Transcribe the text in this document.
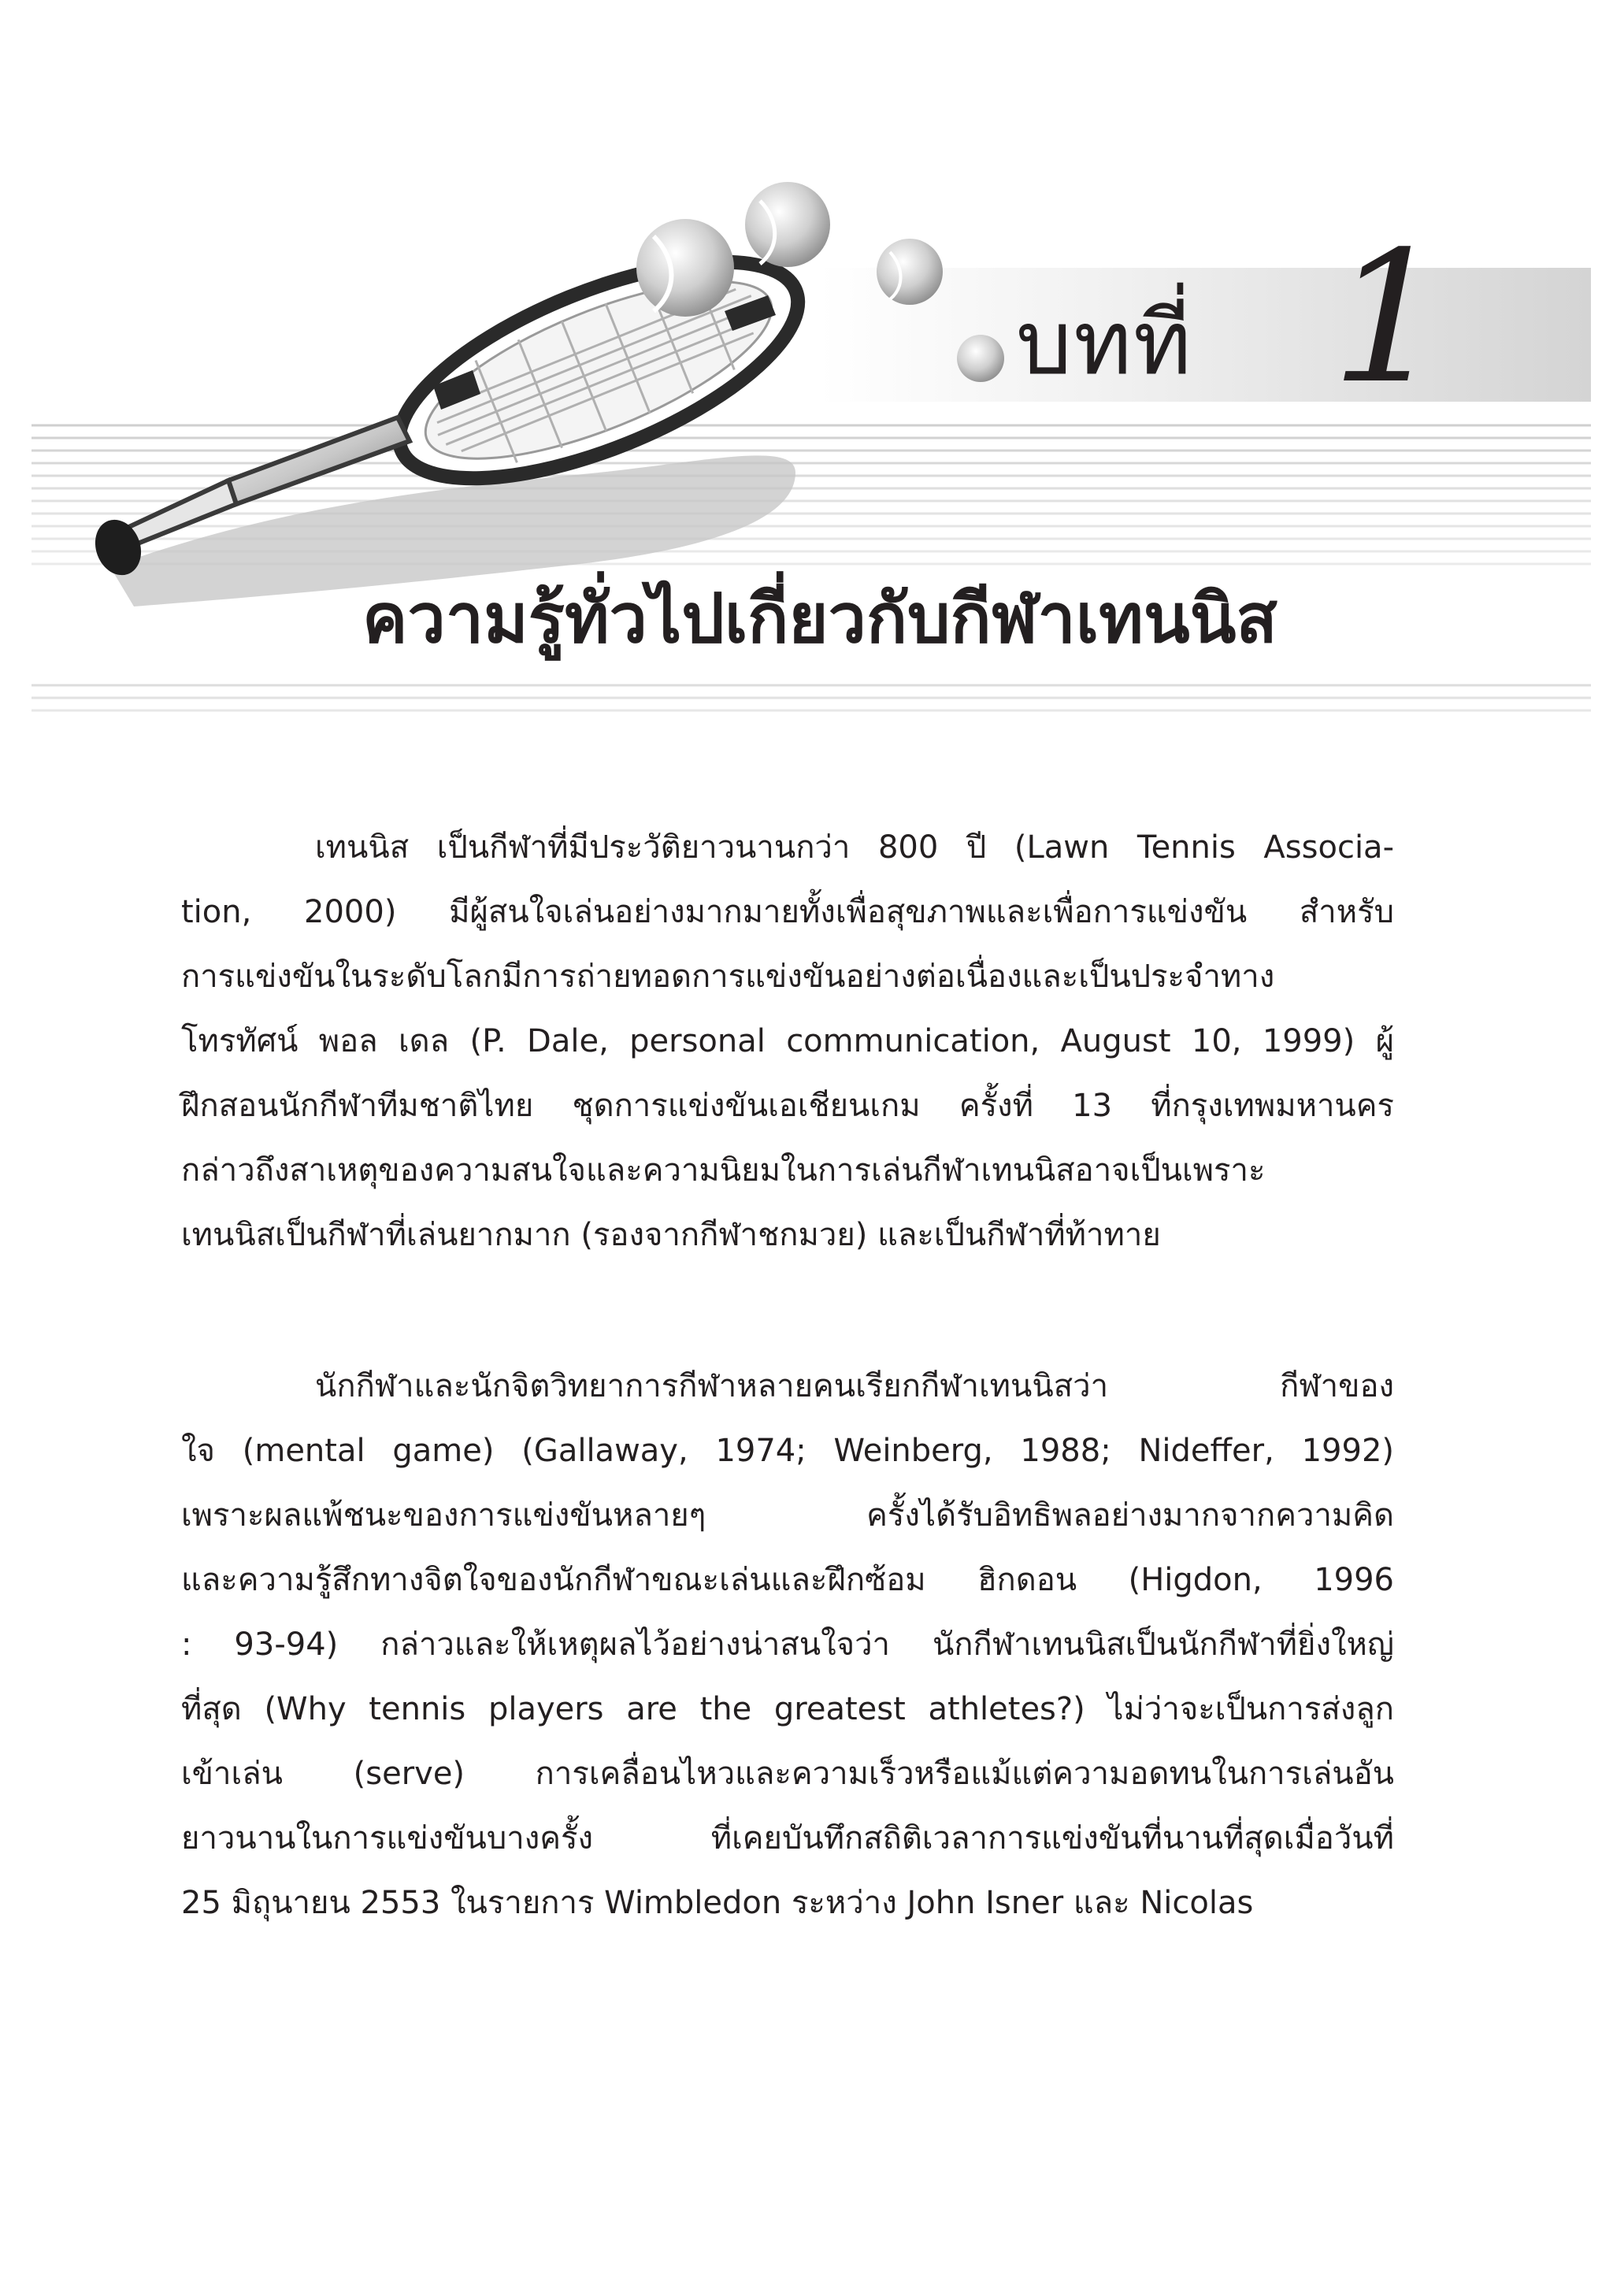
บทที่ 1
ความรู้ทั่วไปเกี่ยวกับกีฬาเทนนิส

เทนนิส เป็นกีฬาที่มีประวัติยาวนานกว่า 800 ปี (Lawn Tennis Associa-
tion, 2000) มีผู้สนใจเล่นอย่างมากมายทั้งเพื่อสุขภาพและเพื่อการแข่งขัน สำหรับ
การแข่งขันในระดับโลกมีการถ่ายทอดการแข่งขันอย่างต่อเนื่องและเป็นประจำทาง
โทรทัศน์ พอล เดล (P. Dale, personal communication, August 10, 1999) ผู้
ฝึกสอนนักกีฬาทีมชาติไทย ชุดการแข่งขันเอเชียนเกม ครั้งที่ 13 ที่กรุงเทพมหานคร
กล่าวถึงสาเหตุของความสนใจและความนิยมในการเล่นกีฬาเทนนิสอาจเป็นเพราะ
เทนนิสเป็นกีฬาที่เล่นยากมาก (รองจากกีฬาชกมวย) และเป็นกีฬาที่ท้าทาย

นักกีฬาและนักจิตวิทยาการกีฬาหลายคนเรียกกีฬาเทนนิสว่า กีฬาของ
ใจ (mental game) (Gallaway, 1974; Weinberg, 1988; Nideffer, 1992)
เพราะผลแพ้ชนะของการแข่งขันหลายๆ ครั้งได้รับอิทธิพลอย่างมากจากความคิด
และความรู้สึกทางจิตใจของนักกีฬาขณะเล่นและฝึกซ้อม ฮิกดอน (Higdon, 1996
: 93-94) กล่าวและให้เหตุผลไว้อย่างน่าสนใจว่า นักกีฬาเทนนิสเป็นนักกีฬาที่ยิ่งใหญ่
ที่สุด (Why tennis players are the greatest athletes?) ไม่ว่าจะเป็นการส่งลูก
เข้าเล่น (serve) การเคลื่อนไหวและความเร็วหรือแม้แต่ความอดทนในการเล่นอัน
ยาวนานในการแข่งขันบางครั้ง ที่เคยบันทึกสถิติเวลาการแข่งขันที่นานที่สุดเมื่อวันที่
25 มิถุนายน 2553 ในรายการ Wimbledon ระหว่าง John Isner และ Nicolas
